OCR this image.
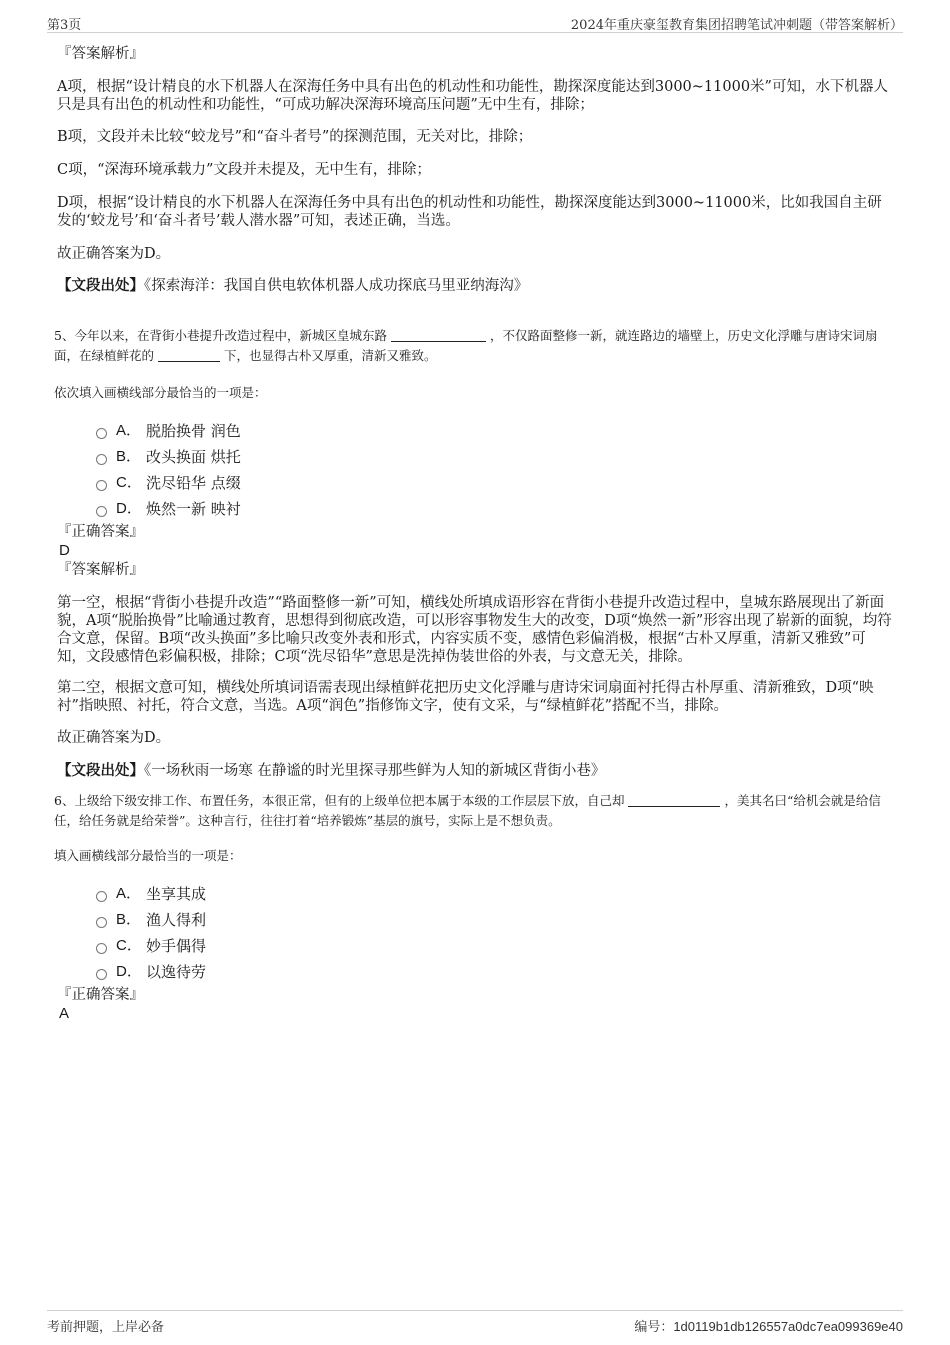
第3页	2024年重庆豪玺教育集团招聘笔试冲刺题（带答案解析）

『答案解析』

A项，根据“设计精良的水下机器人在深海任务中具有出色的机动性和功能性，勘探深度能达到3000~11000米”可知，水下机器人只是具有出色的机动性和功能性，“可成功解决深海环境高压问题”无中生有，排除；

B项，文段并未比较“蛟龙号”和“奋斗者号”的探测范围，无关对比，排除；

C项，“深海环境承载力”文段并未提及，无中生有，排除；

D项，根据“设计精良的水下机器人在深海任务中具有出色的机动性和功能性，勘探深度能达到3000~11000米，比如我国自主研发的‘蛟龙号’和‘奋斗者号’载人潜水器”可知，表述正确，当选。

故正确答案为D。

【文段出处】《探索海洋：我国自供电软体机器人成功探底马里亚纳海沟》

5、今年以来，在背街小巷提升改造过程中，新城区皇城东路	，不仅路面整修一新，就连路边的墙壁上，历史文化浮雕与唐诗宋词扇面，在绿植鲜花的	下，也显得古朴又厚重，清新又雅致。

依次填入画横线部分最恰当的一项是：

A． 脱胎换骨 润色
B． 改头换面 烘托
C． 洗尽铅华 点缀
D． 焕然一新 映衬

『正确答案』

D

『答案解析』

第一空，根据“背街小巷提升改造”“路面整修一新”可知，横线处所填成语形容在背街小巷提升改造过程中，皇城东路展现出了新面貌，A项“脱胎换骨”比喻通过教育，思想得到彻底改造，可以形容事物发生大的改变，D项“焕然一新”形容出现了崭新的面貌，均符合文意，保留。B项“改头换面”多比喻只改变外表和形式，内容实质不变，感情色彩偏消极，根据“古朴又厚重，清新又雅致”可知，文段感情色彩偏积极，排除；C项“洗尽铅华”意思是洗掉伪装世俗的外表，与文意无关，排除。

第二空，根据文意可知，横线处所填词语需表现出绿植鲜花把历史文化浮雕与唐诗宋词扇面衬托得古朴厚重、清新雅致，D项“映衬”指映照、衬托，符合文意，当选。A项“润色”指修饰文字，使有文采，与“绿植鲜花”搭配不当，排除。

故正确答案为D。

【文段出处】《一场秋雨一场寒 在静谧的时光里探寻那些鲜为人知的新城区背街小巷》

6、上级给下级安排工作、布置任务，本很正常，但有的上级单位把本属于本级的工作层层下放，自己却	，美其名曰“给机会就是给信任，给任务就是给荣誉”。这种言行，往往打着“培养锻炼”基层的旗号，实际上是不想负责。

填入画横线部分最恰当的一项是：

A． 坐享其成
B． 渔人得利
C． 妙手偶得
D． 以逸待劳

『正确答案』

A

考前押题，上岸必备	编号：1d0119b1db126557a0dc7ea099369e40
